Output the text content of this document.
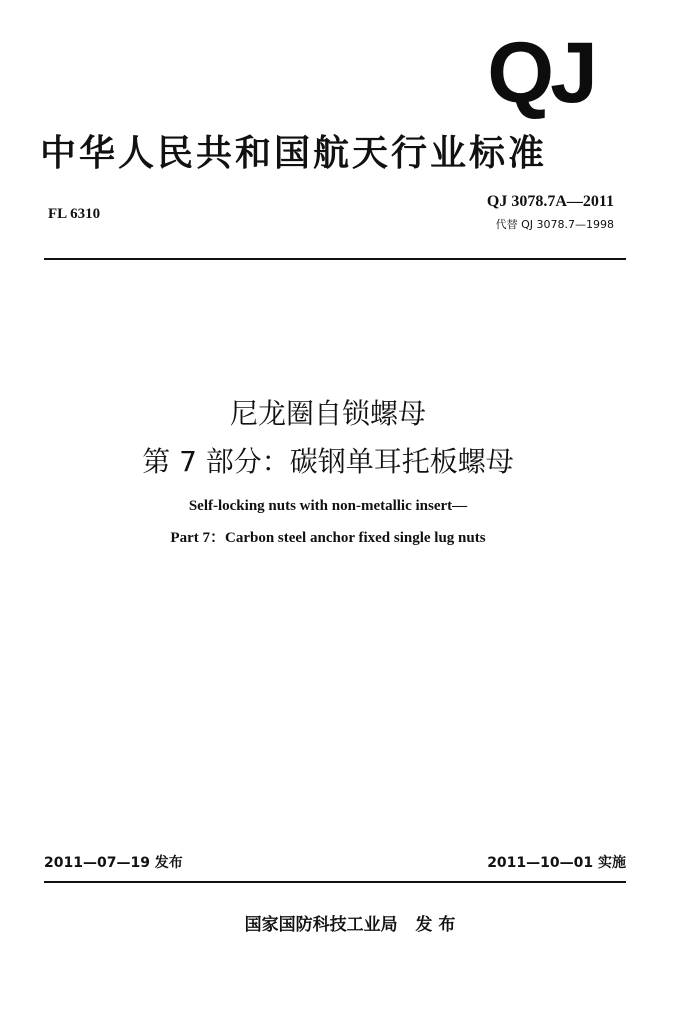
QJ
中华人民共和国航天行业标准
FL 6310
QJ 3078.7A—2011
代替 QJ 3078.7—1998
尼龙圈自锁螺母
第 7 部分：碳钢单耳托板螺母
Self-locking nuts with non-metallic insert—
Part 7：Carbon steel anchor fixed single lug nuts
2011—07—19 发布	2011—10—01 实施
国家国防科技工业局   发 布
